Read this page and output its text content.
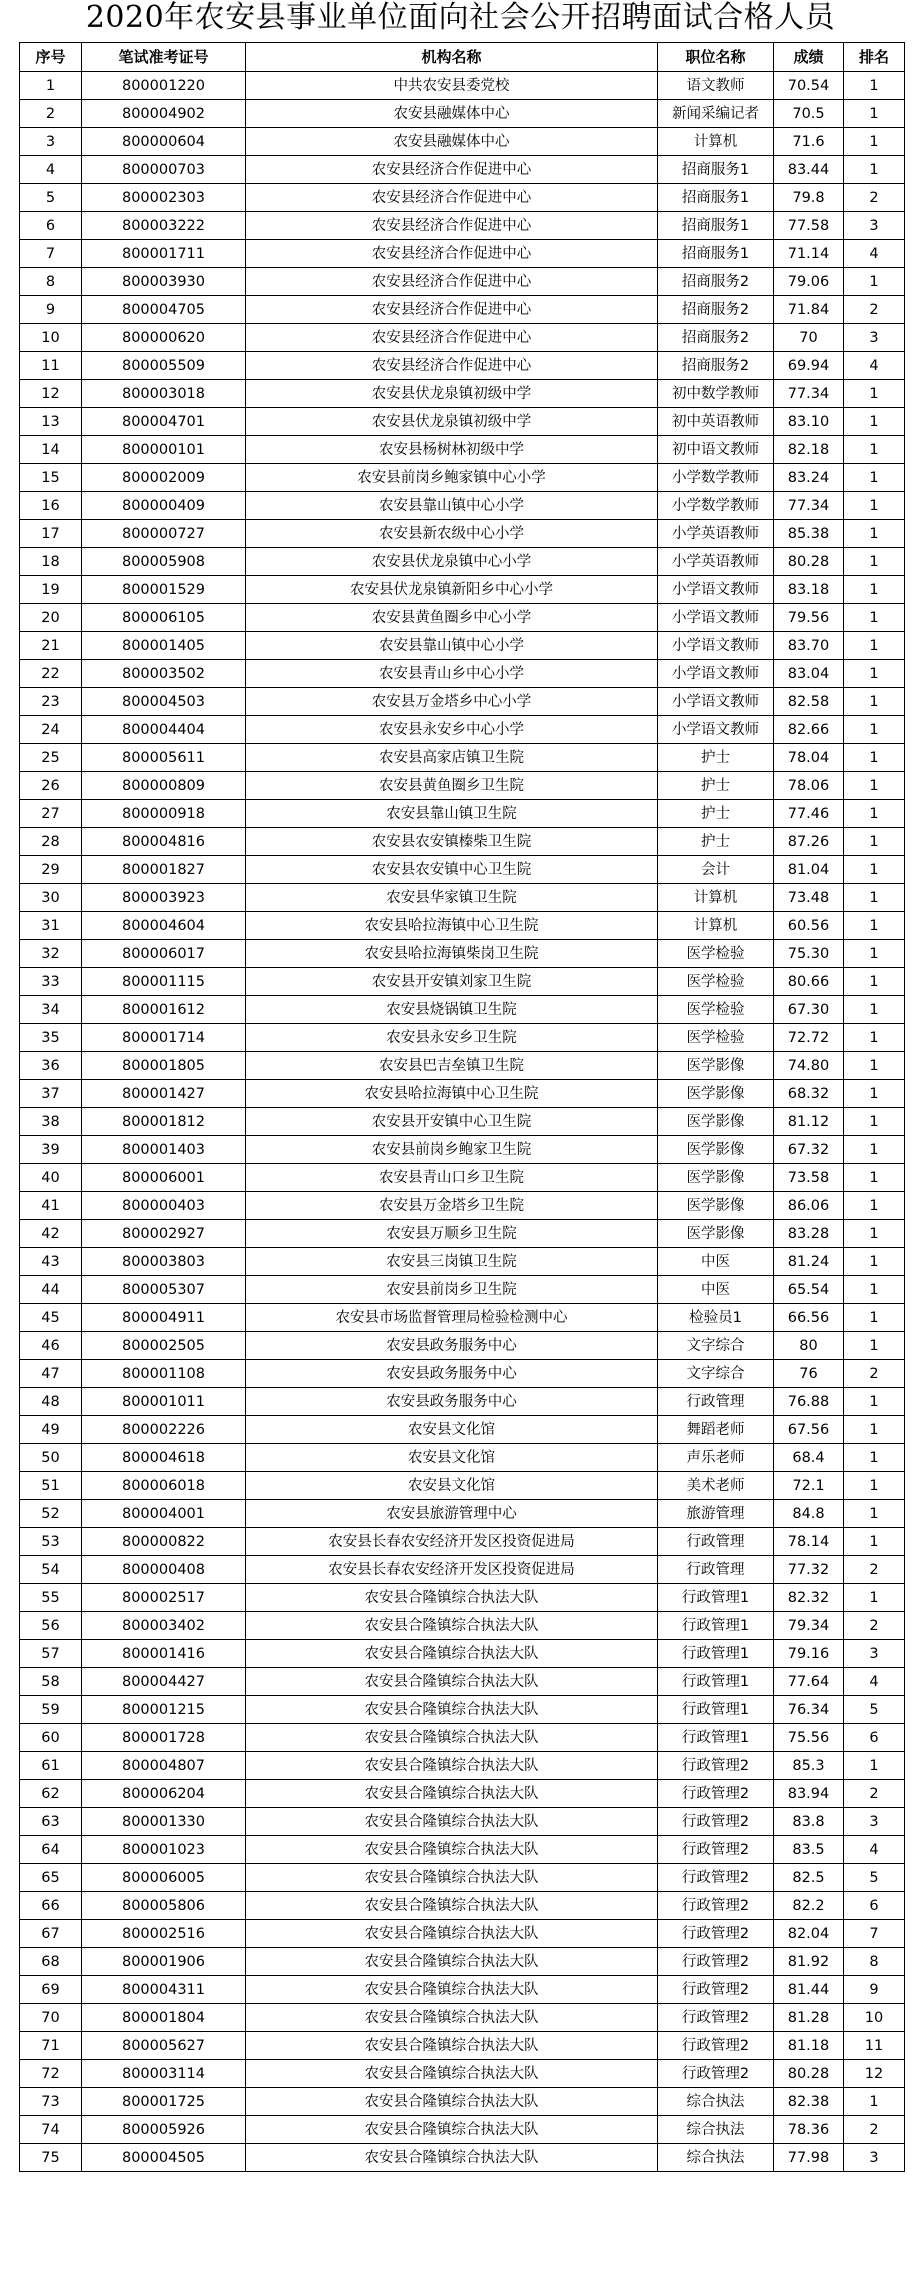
2020年农安县事业单位面向社会公开招聘面试合格人员
序号	笔试准考证号	机构名称	职位名称	成绩	排名
1	800001220	中共农安县委党校	语文教师	70.54	1
2	800004902	农安县融媒体中心	新闻采编记者	70.5	1
3	800000604	农安县融媒体中心	计算机	71.6	1
4	800000703	农安县经济合作促进中心	招商服务1	83.44	1
5	800002303	农安县经济合作促进中心	招商服务1	79.8	2
6	800003222	农安县经济合作促进中心	招商服务1	77.58	3
7	800001711	农安县经济合作促进中心	招商服务1	71.14	4
8	800003930	农安县经济合作促进中心	招商服务2	79.06	1
9	800004705	农安县经济合作促进中心	招商服务2	71.84	2
10	800000620	农安县经济合作促进中心	招商服务2	70	3
11	800005509	农安县经济合作促进中心	招商服务2	69.94	4
12	800003018	农安县伏龙泉镇初级中学	初中数学教师	77.34	1
13	800004701	农安县伏龙泉镇初级中学	初中英语教师	83.10	1
14	800000101	农安县杨树林初级中学	初中语文教师	82.18	1
15	800002009	农安县前岗乡鲍家镇中心小学	小学数学教师	83.24	1
16	800000409	农安县靠山镇中心小学	小学数学教师	77.34	1
17	800000727	农安县新农级中心小学	小学英语教师	85.38	1
18	800005908	农安县伏龙泉镇中心小学	小学英语教师	80.28	1
19	800001529	农安县伏龙泉镇新阳乡中心小学	小学语文教师	83.18	1
20	800006105	农安县黄鱼圈乡中心小学	小学语文教师	79.56	1
21	800001405	农安县靠山镇中心小学	小学语文教师	83.70	1
22	800003502	农安县青山乡中心小学	小学语文教师	83.04	1
23	800004503	农安县万金塔乡中心小学	小学语文教师	82.58	1
24	800004404	农安县永安乡中心小学	小学语文教师	82.66	1
25	800005611	农安县高家店镇卫生院	护士	78.04	1
26	800000809	农安县黄鱼圈乡卫生院	护士	78.06	1
27	800000918	农安县靠山镇卫生院	护士	77.46	1
28	800004816	农安县农安镇榛柴卫生院	护士	87.26	1
29	800001827	农安县农安镇中心卫生院	会计	81.04	1
30	800003923	农安县华家镇卫生院	计算机	73.48	1
31	800004604	农安县哈拉海镇中心卫生院	计算机	60.56	1
32	800006017	农安县哈拉海镇柴岗卫生院	医学检验	75.30	1
33	800001115	农安县开安镇刘家卫生院	医学检验	80.66	1
34	800001612	农安县烧锅镇卫生院	医学检验	67.30	1
35	800001714	农安县永安乡卫生院	医学检验	72.72	1
36	800001805	农安县巴吉垒镇卫生院	医学影像	74.80	1
37	800001427	农安县哈拉海镇中心卫生院	医学影像	68.32	1
38	800001812	农安县开安镇中心卫生院	医学影像	81.12	1
39	800001403	农安县前岗乡鲍家卫生院	医学影像	67.32	1
40	800006001	农安县青山口乡卫生院	医学影像	73.58	1
41	800000403	农安县万金塔乡卫生院	医学影像	86.06	1
42	800002927	农安县万顺乡卫生院	医学影像	83.28	1
43	800003803	农安县三岗镇卫生院	中医	81.24	1
44	800005307	农安县前岗乡卫生院	中医	65.54	1
45	800004911	农安县市场监督管理局检验检测中心	检验员1	66.56	1
46	800002505	农安县政务服务中心	文字综合	80	1
47	800001108	农安县政务服务中心	文字综合	76	2
48	800001011	农安县政务服务中心	行政管理	76.88	1
49	800002226	农安县文化馆	舞蹈老师	67.56	1
50	800004618	农安县文化馆	声乐老师	68.4	1
51	800006018	农安县文化馆	美术老师	72.1	1
52	800004001	农安县旅游管理中心	旅游管理	84.8	1
53	800000822	农安县长春农安经济开发区投资促进局	行政管理	78.14	1
54	800000408	农安县长春农安经济开发区投资促进局	行政管理	77.32	2
55	800002517	农安县合隆镇综合执法大队	行政管理1	82.32	1
56	800003402	农安县合隆镇综合执法大队	行政管理1	79.34	2
57	800001416	农安县合隆镇综合执法大队	行政管理1	79.16	3
58	800004427	农安县合隆镇综合执法大队	行政管理1	77.64	4
59	800001215	农安县合隆镇综合执法大队	行政管理1	76.34	5
60	800001728	农安县合隆镇综合执法大队	行政管理1	75.56	6
61	800004807	农安县合隆镇综合执法大队	行政管理2	85.3	1
62	800006204	农安县合隆镇综合执法大队	行政管理2	83.94	2
63	800001330	农安县合隆镇综合执法大队	行政管理2	83.8	3
64	800001023	农安县合隆镇综合执法大队	行政管理2	83.5	4
65	800006005	农安县合隆镇综合执法大队	行政管理2	82.5	5
66	800005806	农安县合隆镇综合执法大队	行政管理2	82.2	6
67	800002516	农安县合隆镇综合执法大队	行政管理2	82.04	7
68	800001906	农安县合隆镇综合执法大队	行政管理2	81.92	8
69	800004311	农安县合隆镇综合执法大队	行政管理2	81.44	9
70	800001804	农安县合隆镇综合执法大队	行政管理2	81.28	10
71	800005627	农安县合隆镇综合执法大队	行政管理2	81.18	11
72	800003114	农安县合隆镇综合执法大队	行政管理2	80.28	12
73	800001725	农安县合隆镇综合执法大队	综合执法	82.38	1
74	800005926	农安县合隆镇综合执法大队	综合执法	78.36	2
75	800004505	农安县合隆镇综合执法大队	综合执法	77.98	3
